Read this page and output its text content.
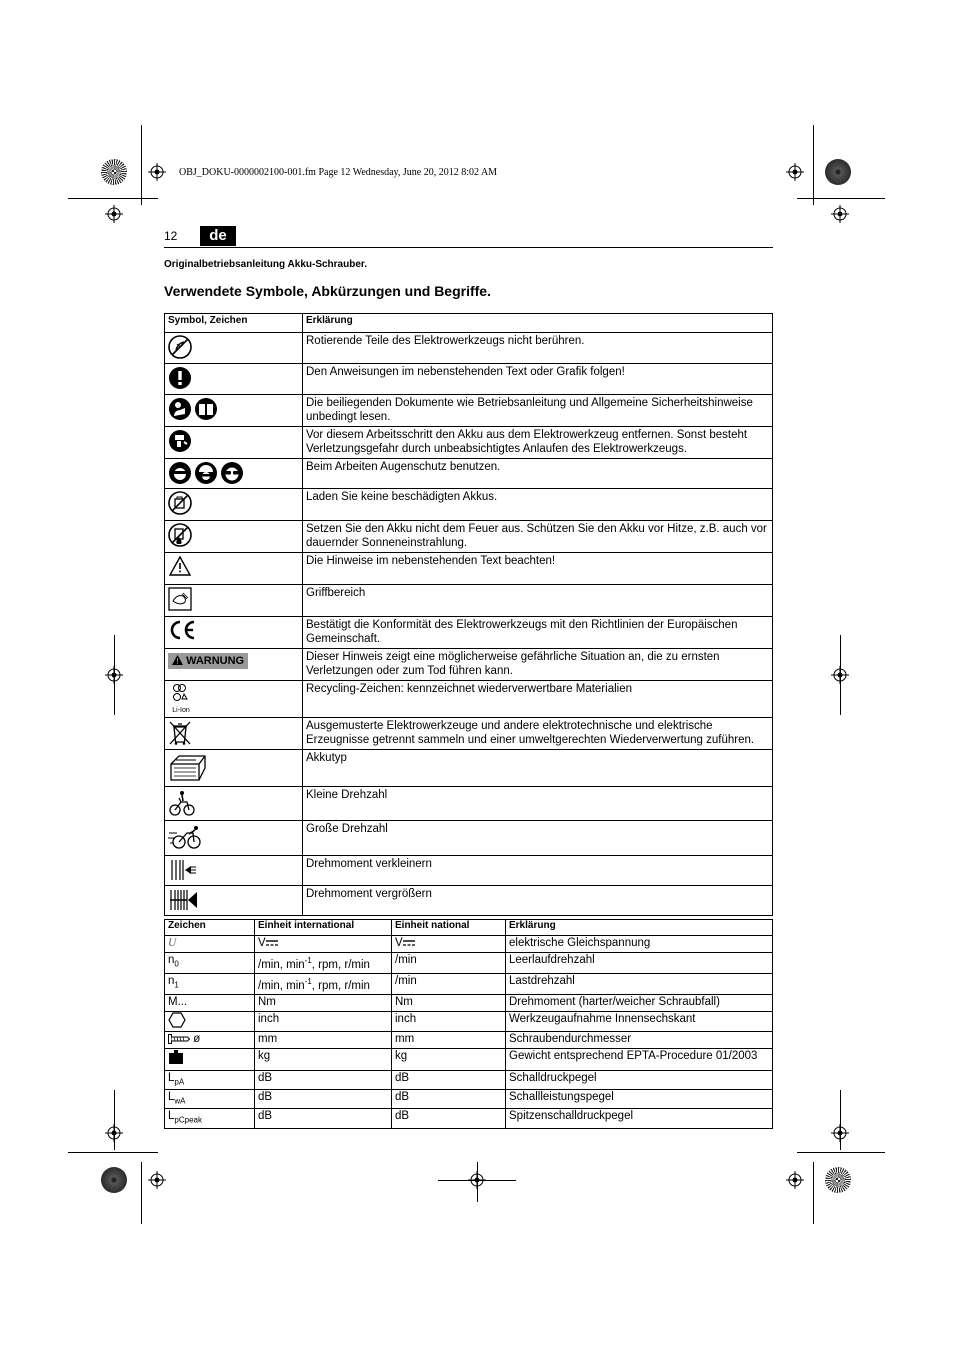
OBJ_DOKU-0000002100-001.fm Page 12 Wednesday, June 20, 2012 8:02 AM
12	de
Originalbetriebsanleitung Akku-Schrauber.
Verwendete Symbole, Abkürzungen und Begriffe.
Symbol, Zeichen	Erklärung
	Rotierende Teile des Elektrowerkzeugs nicht berühren.
	Den Anweisungen im nebenstehenden Text oder Grafik folgen!
	Die beiliegenden Dokumente wie Betriebsanleitung und Allgemeine Sicherheitshinweise unbedingt lesen.
	Vor diesem Arbeitsschritt den Akku aus dem Elektrowerkzeug entfernen. Sonst besteht Verletzungsgefahr durch unbeabsichtigtes Anlaufen des Elektrowerkzeugs.
	Beim Arbeiten Augenschutz benutzen.
	Laden Sie keine beschädigten Akkus.
	Setzen Sie den Akku nicht dem Feuer aus. Schützen Sie den Akku vor Hitze, z.B. auch vor dauernder Sonneneinstrahlung.
	Die Hinweise im nebenstehenden Text beachten!
	Griffbereich
	Bestätigt die Konformität des Elektrowerkzeugs mit den Richtlinien der Europäischen Gemeinschaft.
WARNUNG	Dieser Hinweis zeigt eine möglicherweise gefährliche Situation an, die zu ernsten Verletzungen oder zum Tod führen kann.

Li-Ion	Recycling-Zeichen: kennzeichnet wiederverwertbare Materialien
	Ausgemusterte Elektrowerkzeuge und andere elektrotechnische und elektrische Erzeugnisse getrennt sammeln und einer umweltgerechten Wiederverwertung zuführen.
	Akkutyp
	Kleine Drehzahl
	Große Drehzahl
	Drehmoment verkleinern
	Drehmoment vergrößern
Zeichen	Einheit international	Einheit national	Erklärung
U	V	V	elektrische Gleichspannung
$n_0$	/min, $\min^{-1}$, rpm, r/min	/min	Leerlaufdrehzahl
$n_1$	/min, $\min^{-1}$, rpm, r/min	/min	Lastdrehzahl
M...	Nm	Nm	Drehmoment (harter/weicher Schraubfall)
	inch	inch	Werkzeugaufnahme Innensechskant
ø	mm	mm	Schraubendurchmesser
	kg	kg	Gewicht entsprechend EPTA-Procedure 01/2003
$L_{pA}$	dB	dB	Schalldruckpegel
$L_{wA}$	dB	dB	Schallleistungspegel
$L_{pCpeak}$	dB	dB	Spitzenschalldruckpegel
